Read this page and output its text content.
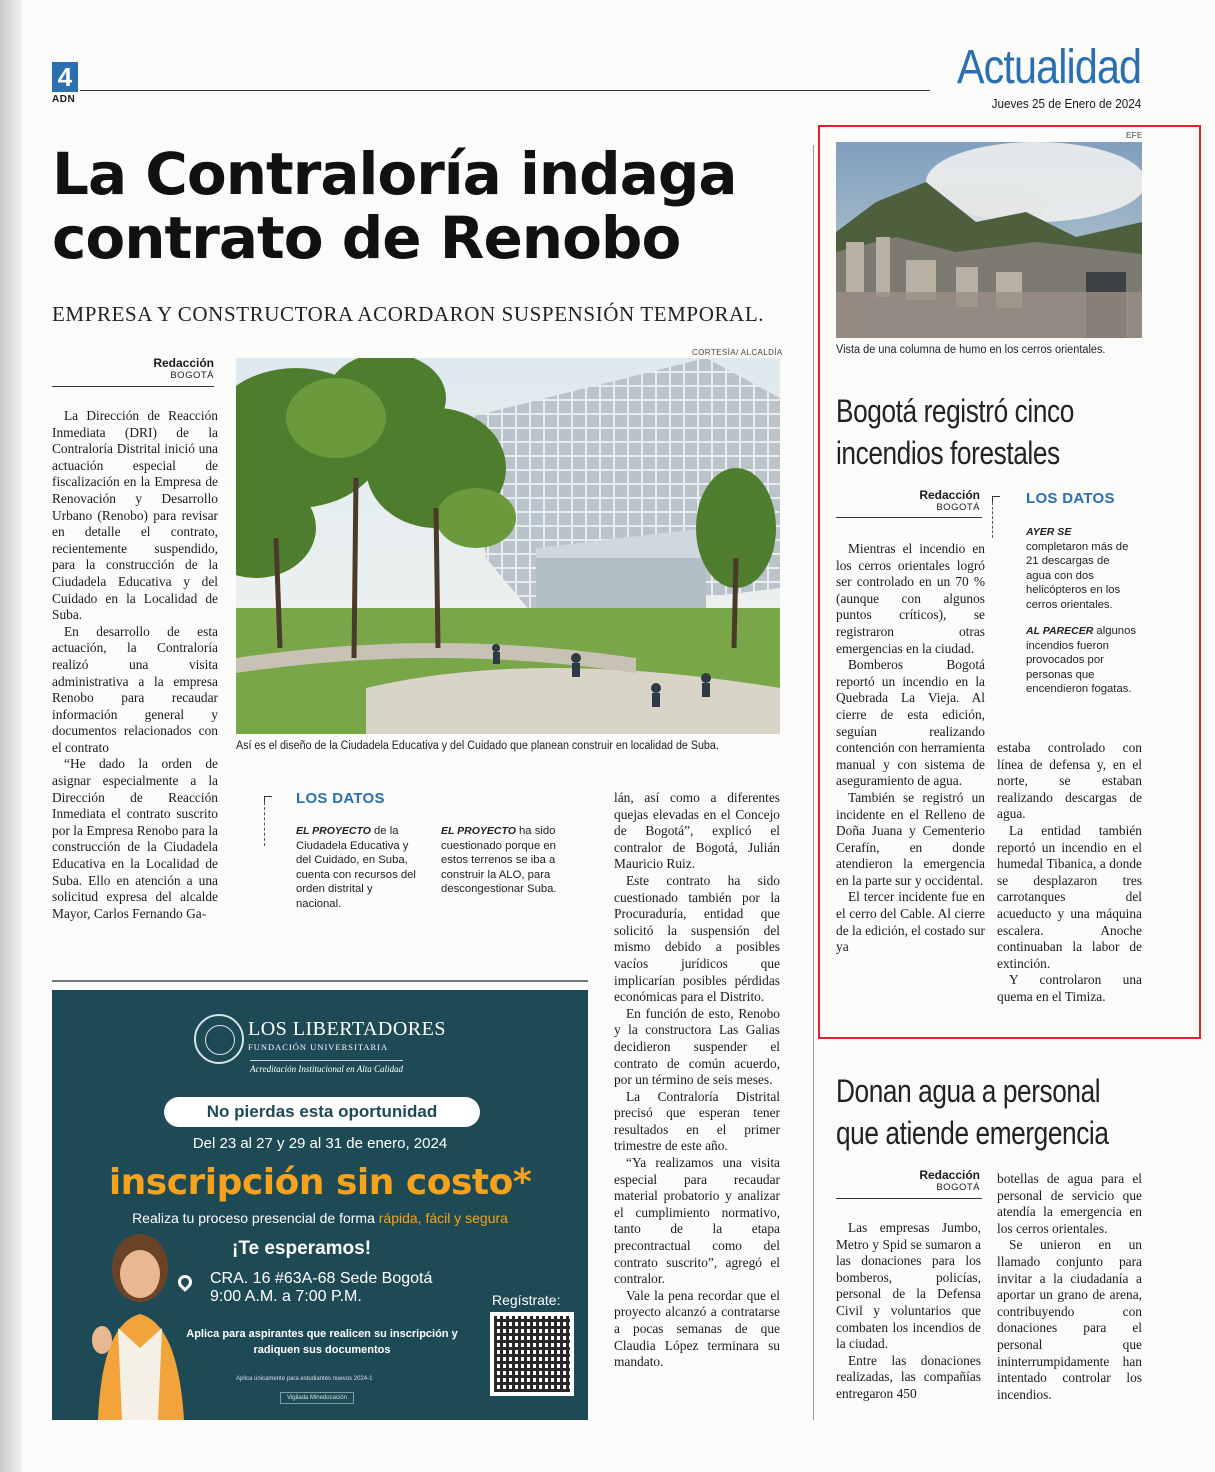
4
ADN
Actualidad
Jueves 25 de Enero de 2024
La Contraloría indaga contrato de Renobo
EMPRESA Y CONSTRUCTORA ACORDARON SUSPENSIÓN TEMPORAL.
Redacción
BOGOTÁ

La Dirección de Reacción Inmediata (DRI) de la Contraloría Distrital inició una actuación especial de fiscalización en la Empresa de Renovación y Desarrollo Urbano (Renobo) para revisar en detalle el contrato, recientemente suspendido, para la construcción de la Ciudadela Educativa y del Cuidado en la Localidad de Suba.

En desarrollo de esta actuación, la Contraloría realizó una visita administrativa a la empresa Renobo para recaudar información general y documentos relacionados con el contrato

“He dado la orden de asignar especialmente a la Dirección de Reacción Inmediata el contrato suscrito por la Empresa Renobo para la construcción de la Ciudadela Educativa en la Localidad de Suba. Ello en atención a una solicitud expresa del alcalde Mayor, Carlos Fernando Ga-

CORTESÍA/ ALCALDÍA
Así es el diseño de la Ciudadela Educativa y del Cuidado que planean construir en localidad de Suba.
LOS DATOS
EL PROYECTO de la Ciudadela Educativa y del Cuidado, en Suba, cuenta con recursos del orden distrital y nacional.
EL PROYECTO ha sido cuestionado porque en estos terrenos se iba a construir la ALO, para descongestionar Suba.

lán, así como a diferentes quejas elevadas en el Concejo de Bogotá”, explicó el contralor de Bogotá, Julián Mauricio Ruiz.

Este contrato ha sido cuestionado también por la Procuraduría, entidad que solicitó la suspensión del mismo debido a posibles vacíos jurídicos que implicarían posibles pérdidas económicas para el Distrito.

En función de esto, Renobo y la constructora Las Galias decidieron suspender el contrato de común acuerdo, por un término de seis meses.

La Contraloría Distrital precisó que esperan tener resultados en el primer trimestre de este año.

“Ya realizamos una visita especial para recaudar material probatorio y analizar el cumplimiento normativo, tanto de la etapa precontractual como del contrato suscrito”, agregó el contralor.

Vale la pena recordar que el proyecto alcanzó a contratarse a pocas semanas de que Claudia López terminara su mandato.

LOS LIBERTADORES
FUNDACIÓN UNIVERSITARIA
Acreditación Institucional en Alta Calidad
No pierdas esta oportunidad
Del 23 al 27 y 29 al 31 de enero, 2024
inscripción sin costo*
Realiza tu proceso presencial de forma rápida, fácil y segura
¡Te esperamos!
CRA. 16 #63A-68 Sede Bogotá
9:00 A.M. a 7:00 P.M.
Aplica para aspirantes que realicen su inscripción y radiquen sus documentos
Aplica únicamente para estudiantes nuevos 2024-1
Vigilada Mineducación
Regístrate:
EFE
Vista de una columna de humo en los cerros orientales.
Bogotá registró cinco
incendios forestales
Redacción
BOGOTÁ
LOS DATOS
AYER SE
completaron más de 21 descargas de agua con dos helicópteros en los cerros orientales.
AL PARECER algunos incendios fueron provocados por personas que encendieron fogatas.

Mientras el incendio en los cerros orientales logró ser controlado en un 70 % (aunque con algunos puntos críticos), se registraron otras emergencias en la ciudad.

Bomberos Bogotá reportó un incendio en la Quebrada La Vieja. Al cierre de esta edición, seguían realizando contención con herramienta manual y con sistema de aseguramiento de agua.

También se registró un incidente en el Relleno de Doña Juana y Cementerio Cerafín, en donde atendieron la emergencia en la parte sur y occidental.

El tercer incidente fue en el cerro del Cable. Al cierre de la edición, el costado sur ya

estaba controlado con línea de defensa y, en el norte, se estaban realizando descargas de agua.

La entidad también reportó un incendio en el humedal Tibanica, a donde se desplazaron tres carrotanques del acueducto y una máquina escalera. Anoche continuaban la labor de extinción.

Y controlaron una quema en el Timiza.

Donan agua a personal
que atiende emergencia
Redacción
BOGOTÁ

Las empresas Jumbo, Metro y Spid se sumaron a las donaciones para los bomberos, policías, personal de la Defensa Civil y voluntarios que combaten los incendios de la ciudad.

Entre las donaciones realizadas, las compañías entregaron 450

botellas de agua para el personal de servicio que atendía la emergencia en los cerros orientales.

Se unieron en un llamado conjunto para invitar a la ciudadanía a aportar un grano de arena, contribuyendo con donaciones para el personal que ininterrumpidamente han intentado controlar los incendios.
